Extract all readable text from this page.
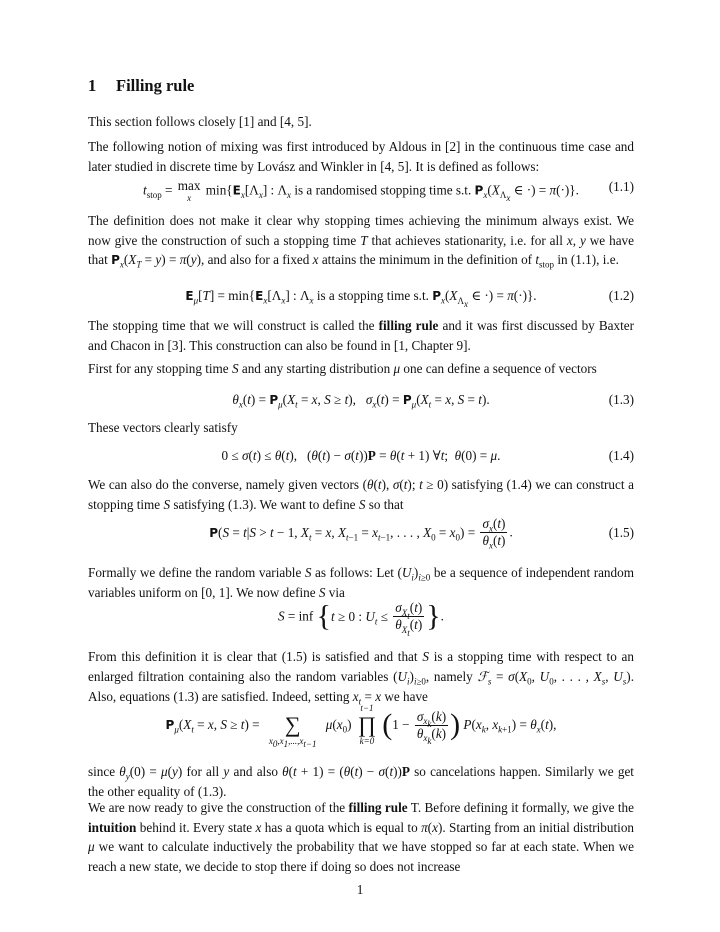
1 Filling rule

This section follows closely [1] and [4, 5].

The following notion of mixing was first introduced by Aldous in [2] in the continuous time case and later studied in discrete time by Lovász and Winkler in [4, 5]. It is defined as follows:

$t_{stop} = \max$
x
$\min\{E_x[\Lambda_x]$ : $\Lambda_x$ is a randomised stopping time s.t. $P_x(X_{\Lambda_x}$ ∈ ·) = π(·)}.	(1.1)

The definition does not make it clear why stopping times achieving the minimum always exist. We now give the construction of such a stopping time T that achieves stationarity, i.e. for all x, y we have that $P_x(X_T = y) = \pi(y)$, and also for a fixed x attains the minimum in the definition of $t_{stop}$ in (1.1), i.e.

$E_\mu[T] = \min\{E_x[\Lambda_x]$ : $\Lambda_x$ is a stopping time s.t. $P_x(X_{\Lambda_x}$ ∈ ·) = π(·)}.	(1.2)

The stopping time that we will construct is called the filling rule and it was first discussed by Baxter and Chacon in [3]. This construction can also be found in [1, Chapter 9].

First for any stopping time S and any starting distribution μ one can define a sequence of vectors

$\theta_x(t) = P_\mu(X_t = x$, S ≥ t),   $\sigma_x(t) = P_\mu(X_t = x$, S = t).	(1.3)

These vectors clearly satisfy

0 ≤ σ(t) ≤ θ(t),   (θ(t) − σ(t))P = θ(t + 1) ∀t;  θ(0) = μ.	(1.4)

We can also do the converse, namely given vectors (θ(t), σ(t); t ≥ 0) satisfying (1.4) we can construct a stopping time S satisfying (1.3). We want to define S so that

P(S = t|S > t − 1, $X_t = x$, $X_{t-1} = x_{t-1}$, . . . , $X_0 = x_0) = \frac{\sigma_x(t)}{\theta_x(t)}$ .	(1.5)

Formally we define the random variable S as follows: Let $(U_i)_{i\ge 0}$ be a sequence of independent random variables uniform on [0, 1]. We now define S via

S = inf {t ≥ 0 : $U_t \le \frac{\sigma_{X_t}(t)}{\theta_{X_t}(t)}$ }.

From this definition it is clear that (1.5) is satisfied and that S is a stopping time with respect to an enlarged filtration containing also the random variables $(U_i)_{i\ge 0}$, namely ℱ$_s$ = $\sigma(X_0$, $U_0$, . . . , $X_s$, $U_s$). Also, equations (1.3) are satisfied. Indeed, setting $x_t = x$ we have

$P_\mu(X_t = x$, S ≥ t) =
∑
$x_0,x_1,...,x_{t-1}$
$\mu(x_0)$
t−1
∏
k=0 ($1 - \frac{\sigma_{x_k}(k)}{\theta_{x_k}(k)}$ ) $P(x_k$, $x_{k+1}) = \theta_x(t)$,

since $\theta_y(0) = \mu(y)$ for all y and also θ(t + 1) = (θ(t) − σ(t))P so cancelations happen. Similarly we get the other equality of (1.3).

We are now ready to give the construction of the filling rule T. Before defining it formally, we give the intuition behind it. Every state x has a quota which is equal to π(x). Starting from an initial distribution μ we want to calculate inductively the probability that we have stopped so far at each state. When we reach a new state, we decide to stop there if doing so does not increase

1
